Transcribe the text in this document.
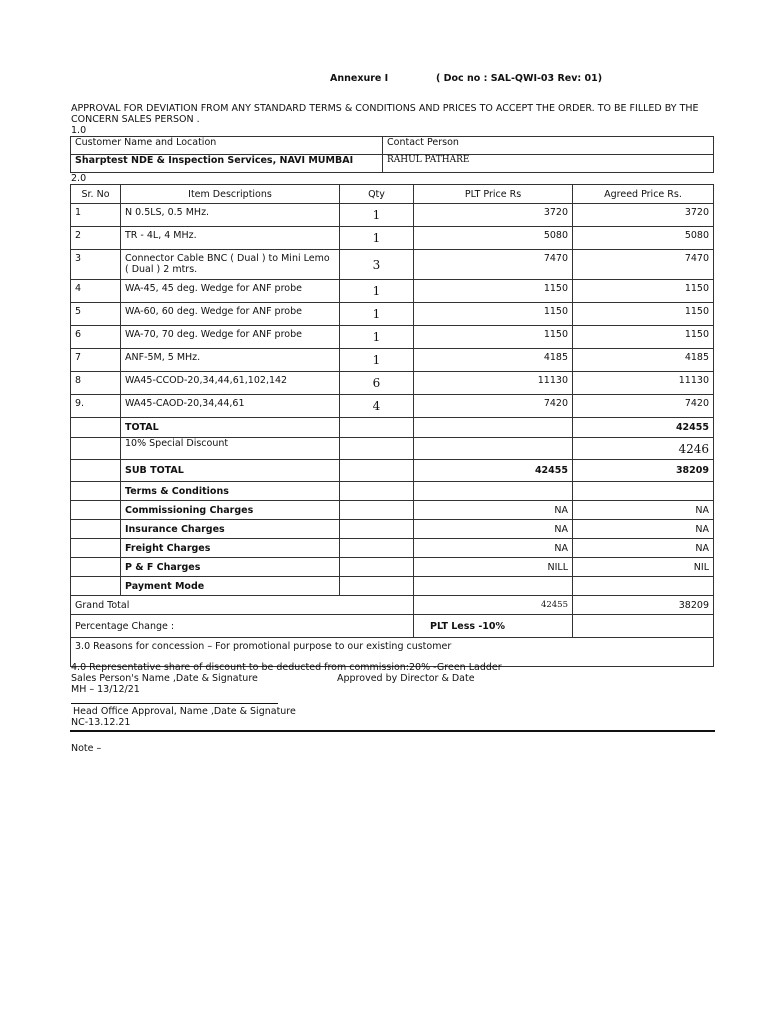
Annexure I	( Doc no : SAL-QWI-03 Rev: 01)
APPROVAL FOR DEVIATION FROM ANY STANDARD TERMS & CONDITIONS AND PRICES TO ACCEPT THE ORDER. TO BE FILLED BY THE
CONCERN SALES PERSON .
1.0
Customer Name and Location	Contact Person
Sharptest NDE & Inspection Services, NAVI MUMBAI	RAHUL PATHARE
2.0
Sr. No	Item Descriptions	Qty	PLT Price Rs	Agreed Price Rs.
1	N 0.5LS, 0.5 MHz.	1	3720	3720
2	TR - 4L, 4 MHz.	1	5080	5080
3	Connector Cable BNC ( Dual ) to Mini Lemo
( Dual ) 2 mtrs.	3	7470	7470
4	WA-45, 45 deg. Wedge for ANF probe	1	1150	1150
5	WA-60, 60 deg. Wedge for ANF probe	1	1150	1150
6	WA-70, 70 deg. Wedge for ANF probe	1	1150	1150
7	ANF-5M, 5 MHz.	1	4185	4185
8	WA45-CCOD-20,34,44,61,102,142	6	11130	11130
9.	WA45-CAOD-20,34,44,61	4	7420	7420
	TOTAL			42455
	10% Special Discount			4246
	SUB TOTAL		42455	38209
	Terms & Conditions			
	Commissioning Charges		NA	NA
	Insurance Charges		NA	NA
	Freight Charges		NA	NA
	P & F Charges		NILL	NIL
	Payment Mode			
Grand Total			42455	38209
Percentage Change :			PLT Less -10%	
3.0 Reasons for concession – For promotional purpose to our existing customer				
4.0 Representative share of discount to be deducted from commission:20% -Green Ladder
Sales Person's Name ,Date & Signature	Approved by Director & Date
MH – 13/12/21
Head Office Approval, Name ,Date & Signature
NC-13.12.21
Note –
